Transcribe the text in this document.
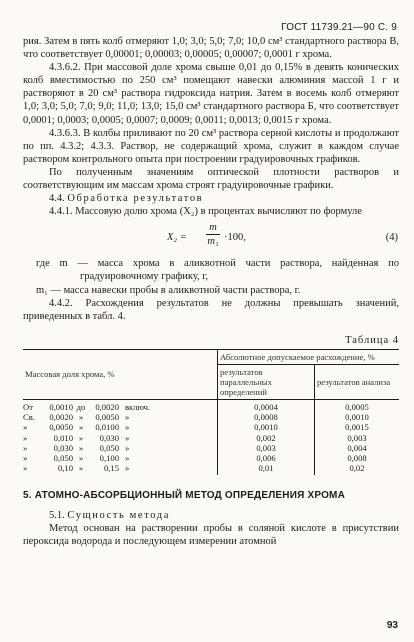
ГОСТ 11739.21—90 С. 9

рия. Затем в пять колб отмеряют 1,0; 3,0; 5,0; 7,0; 10,0 см³ стандартного раствора В, что соответствует 0,00001; 0,00003; 0,00005; 0,00007; 0,0001 г хрома.

4.3.6.2. При массовой доле хрома свыше 0,01 до 0,15% в девять конических колб вместимостью по 250 см³ помещают навески алюминия массой 1 г и растворяют в 20 см³ раствора гидроксида натрия. Затем в восемь колб отмеряют 1,0; 3,0; 5,0; 7,0; 9,0; 11,0; 13,0; 15,0 см³ стандартного раствора Б, что соответствует 0,0001; 0,0003; 0,0005; 0,0007; 0,0009; 0,0011; 0,0013; 0,0015 г хрома.

4.3.6.3. В колбы приливают по 20 см³ раствора серной кислоты и продолжают по пп. 4.3.2; 4.3.3. Раствор, не содержащий хрома, служит в каждом случае раствором контрольного опыта при построении градуировочных графиков.

По полученным значениям оптической плотности растворов и соответствующим им массам хрома строят градуировочные графики.

4.4. Обработка результатов

4.4.1. Массовую долю хрома (X₂) в процентах вычисляют по формуле

$X_2 = \frac{m}{\text{m₁}} \cdot 100$,	(4)

где m — масса хрома в аликвотной части раствора, найденная по градуировочному графику, г,

m₁ — масса навески пробы в аликвотной части раствора, г.

4.4.2. Расхождения результатов не должны превышать значений, приведенных в табл. 4.

Таблица 4
Массовая доля хрома, %	Абсолютное допускаемое расхождение, %	
	результатов параллельных определений	результатов анализа
От 0,0010 до 0,0020 включ.	0,0004	0,0005
Св. 0,0020 » 0,0050 »	0,0008	0,0010
» 0,0050 » 0,0100 »	0,0010	0,0015
» 0,010 » 0,030 »	0,002	0,003
» 0,030 » 0,050 »	0,003	0,004
» 0,050 » 0,100 »	0,006	0,008
» 0,10 » 0,15 »	0,01	0,02
5. АТОМНО-АБСОРБЦИОННЫЙ МЕТОД ОПРЕДЕЛЕНИЯ ХРОМА

5.1. Сущность метода

Метод основан на растворении пробы в соляной кислоте в присутствии пероксида водорода и последующем измерении атомной

93
